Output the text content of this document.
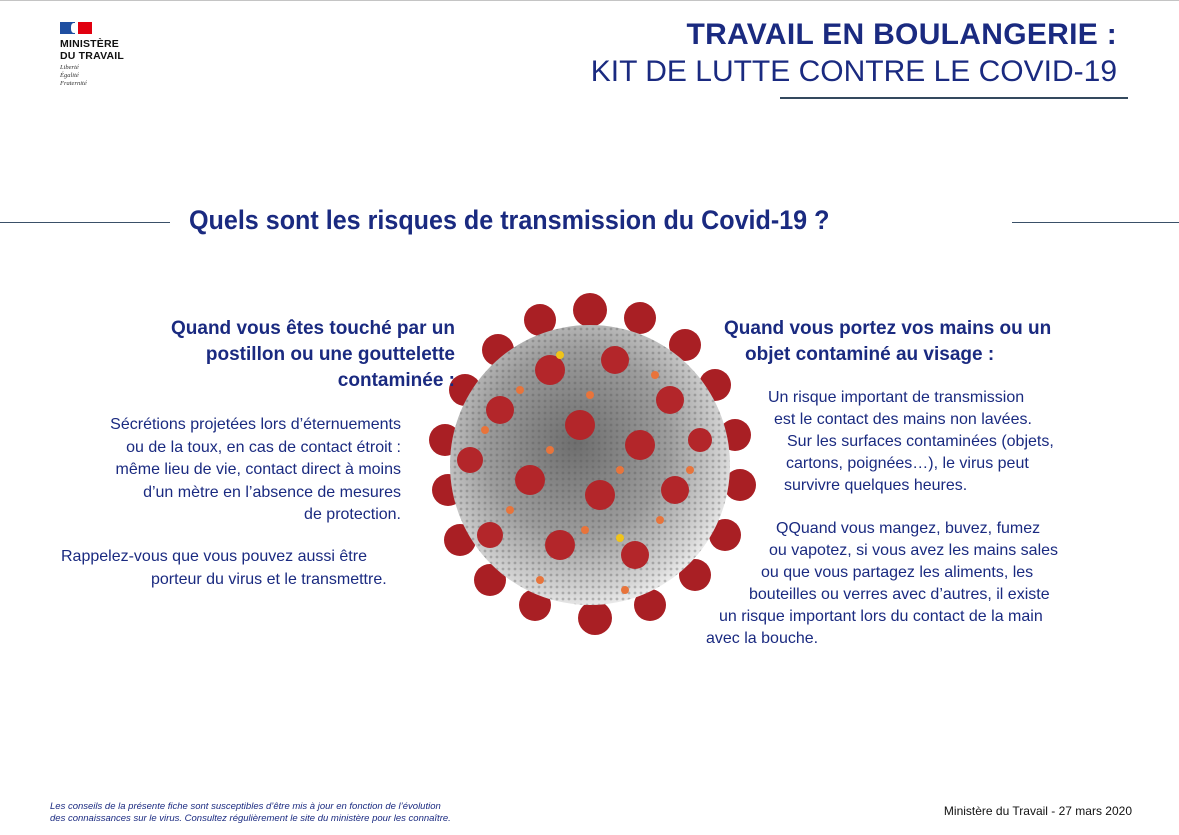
MINISTÈRE
DU TRAVAIL
Liberté
Égalité
Fraternité
TRAVAIL EN BOULANGERIE :
KIT DE LUTTE CONTRE LE COVID-19
Quels sont les risques de transmission du Covid-19 ?
Quand vous êtes touché par un
postillon ou une gouttelette
contaminée :
Sécrétions projetées lors d’éternuements
ou de la toux, en cas de contact étroit :
même lieu de vie, contact direct à moins
d’un mètre en l’absence de mesures
de protection.
Rappelez-vous que vous pouvez aussi être
porteur du virus et le transmettre.
Quand vous portez vos mains ou un
objet contaminé au visage :
Un risque important de transmission
est le contact des mains non lavées.
Sur les surfaces contaminées (objets,
cartons, poignées…), le virus peut
survivre quelques heures.
QQuand vous mangez, buvez, fumez
ou vapotez, si vous avez les mains sales
ou que vous partagez les aliments, les
bouteilles ou verres avec d’autres, il existe
un risque important lors du contact de la main
avec la bouche.
Les conseils de la présente fiche sont susceptibles d’être mis à jour en fonction de l’évolution
des connaissances sur le virus. Consultez régulièrement le site du ministère pour les connaître.
Ministère du Travail - 27 mars 2020
